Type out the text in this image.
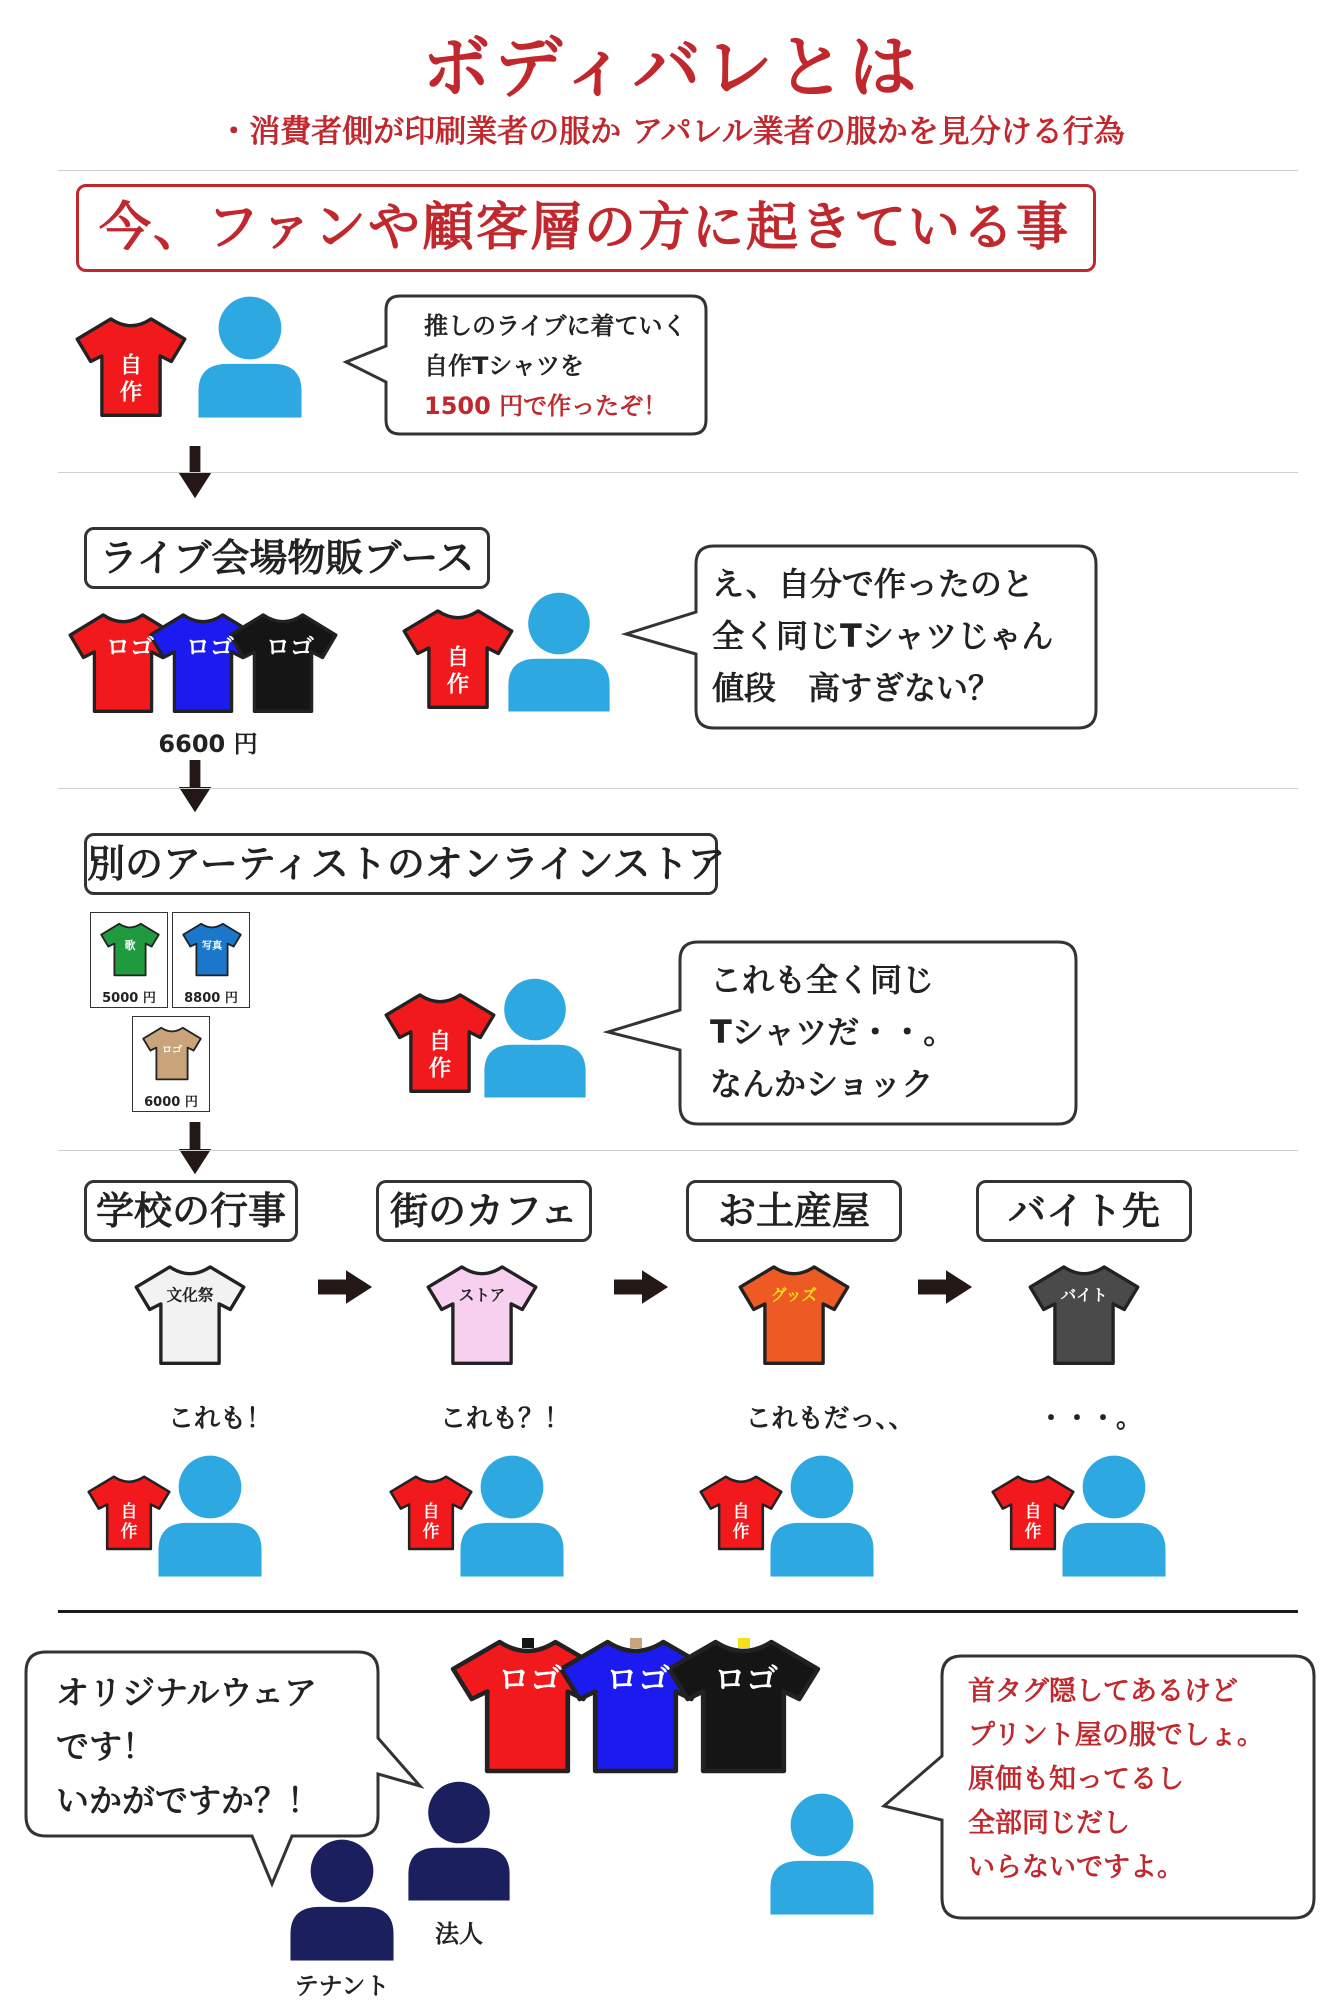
ボディバレとは
・消費者側が印刷業者の服か アパレル業者の服かを見分ける行為
今、ファンや顧客層の方に起きている事
自
作
推しのライブに着ていく
自作Tシャツを
1500 円で作ったぞ！
ライブ会場物販ブース
ロゴ ロゴ ロゴ
6600 円
自
作
え、自分で作ったのと
全く同じTシャツじゃん
値段　高すぎない？
別のアーティストのオンラインストア
歌
5000 円
写真
8800 円
ロゴ
6000 円
自
作
これも全く同じ
Tシャツだ・・。
なんかショック
学校の行事	街のカフェ	お土産屋	バイト先
文化祭	ストア	グッズ	バイト
これも！	これも？！	これもだっ、、	・・・。
自
作
自
作
自
作
自
作
ロゴ ロゴ ロゴ
オリジナルウェア
です！
いかがですか？！
法人
テナント
首タグ隠してあるけど
プリント屋の服でしょ。
原価も知ってるし
全部同じだし
いらないですよ。
